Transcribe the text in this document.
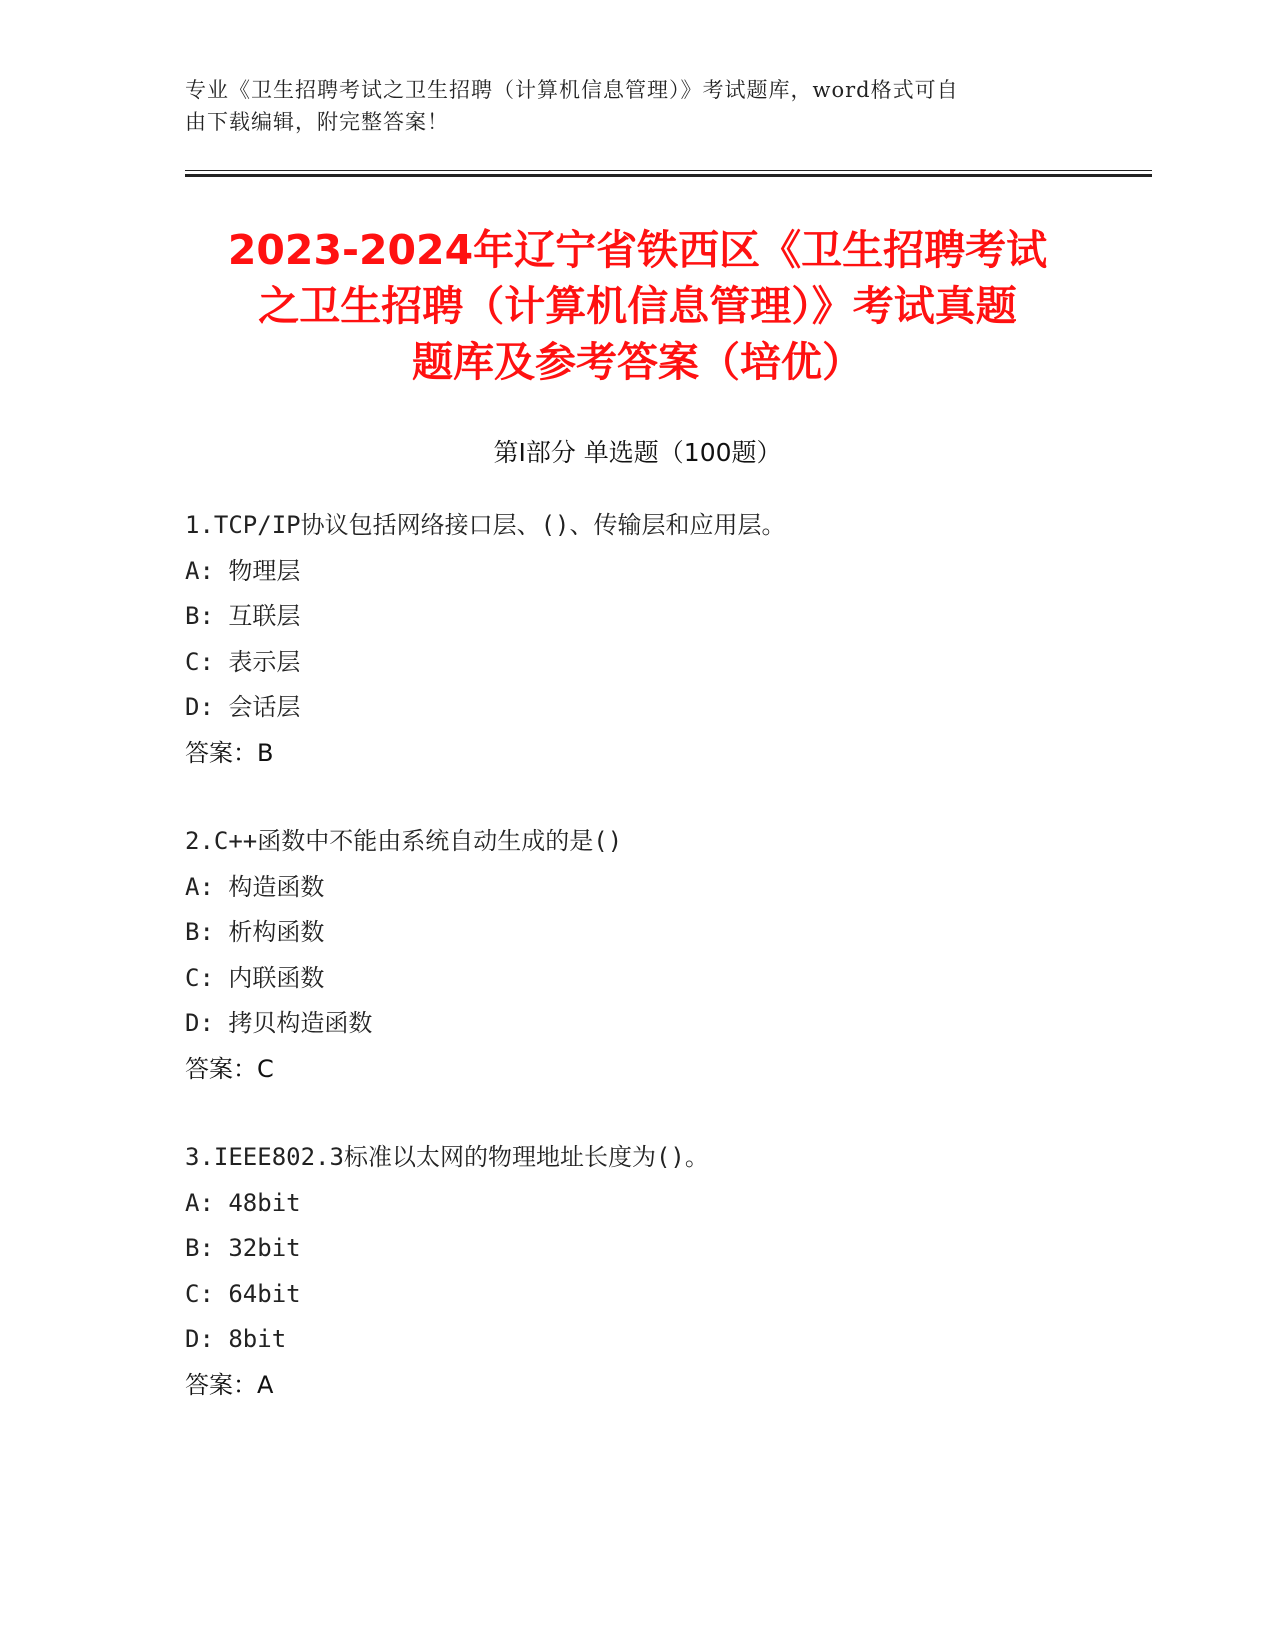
专业《卫生招聘考试之卫生招聘（计算机信息管理）》考试题库，word格式可自
由下载编辑，附完整答案！
2023-2024年辽宁省铁西区《卫生招聘考试
之卫生招聘（计算机信息管理）》考试真题
题库及参考答案（培优）
第Ⅰ部分 单选题（100题）
1.TCP/IP协议包括网络接口层、()、传输层和应用层。
A: 物理层
B: 互联层
C: 表示层
D: 会话层
答案：B
2.C++函数中不能由系统自动生成的是()
A: 构造函数
B: 析构函数
C: 内联函数
D: 拷贝构造函数
答案：C
3.IEEE802.3标准以太网的物理地址长度为()。
A: 48bit
B: 32bit
C: 64bit
D: 8bit
答案：A
